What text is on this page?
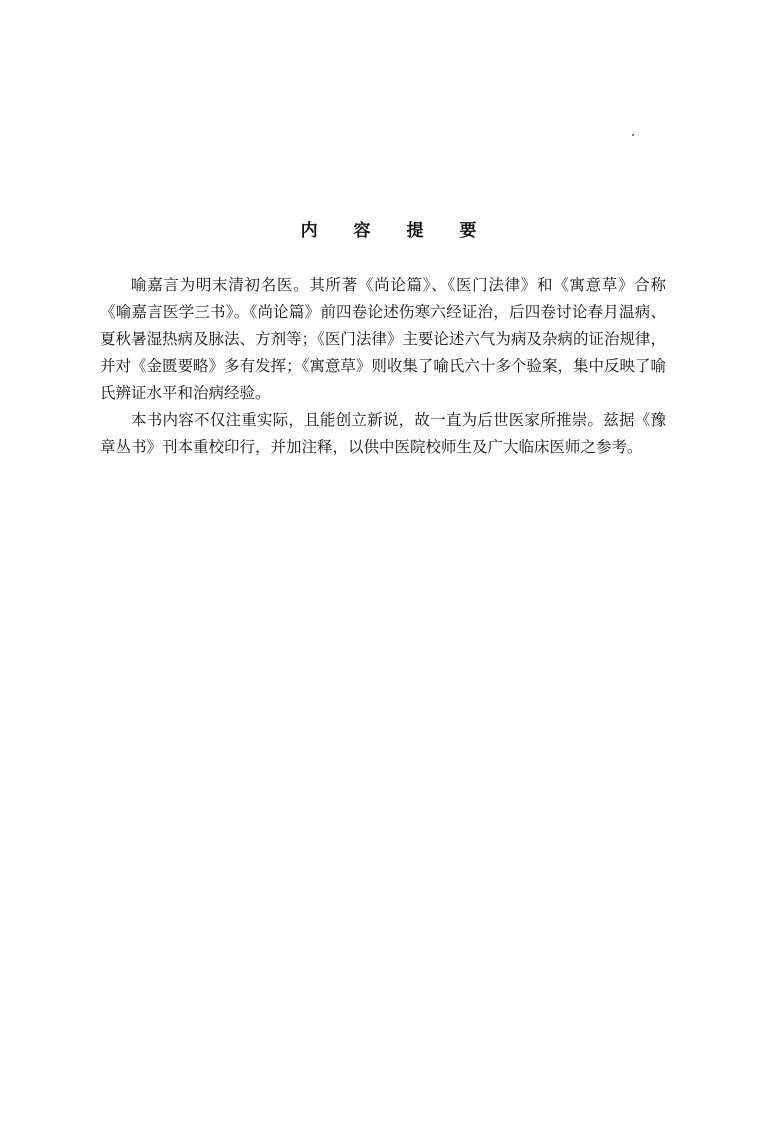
内 容 提 要

喻嘉言为明末清初名医。其所著《尚论篇》、《医门法律》和《寓意草》合称《喻嘉言医学三书》。《尚论篇》前四卷论述伤寒六经证治，后四卷讨论春月温病、夏秋暑湿热病及脉法、方剂等；《医门法律》主要论述六气为病及杂病的证治规律，并对《金匮要略》多有发挥；《寓意草》则收集了喻氏六十多个验案，集中反映了喻氏辨证水平和治病经验。

本书内容不仅注重实际，且能创立新说，故一直为后世医家所推崇。兹据《豫章丛书》刊本重校印行，并加注释，以供中医院校师生及广大临床医师之参考。
